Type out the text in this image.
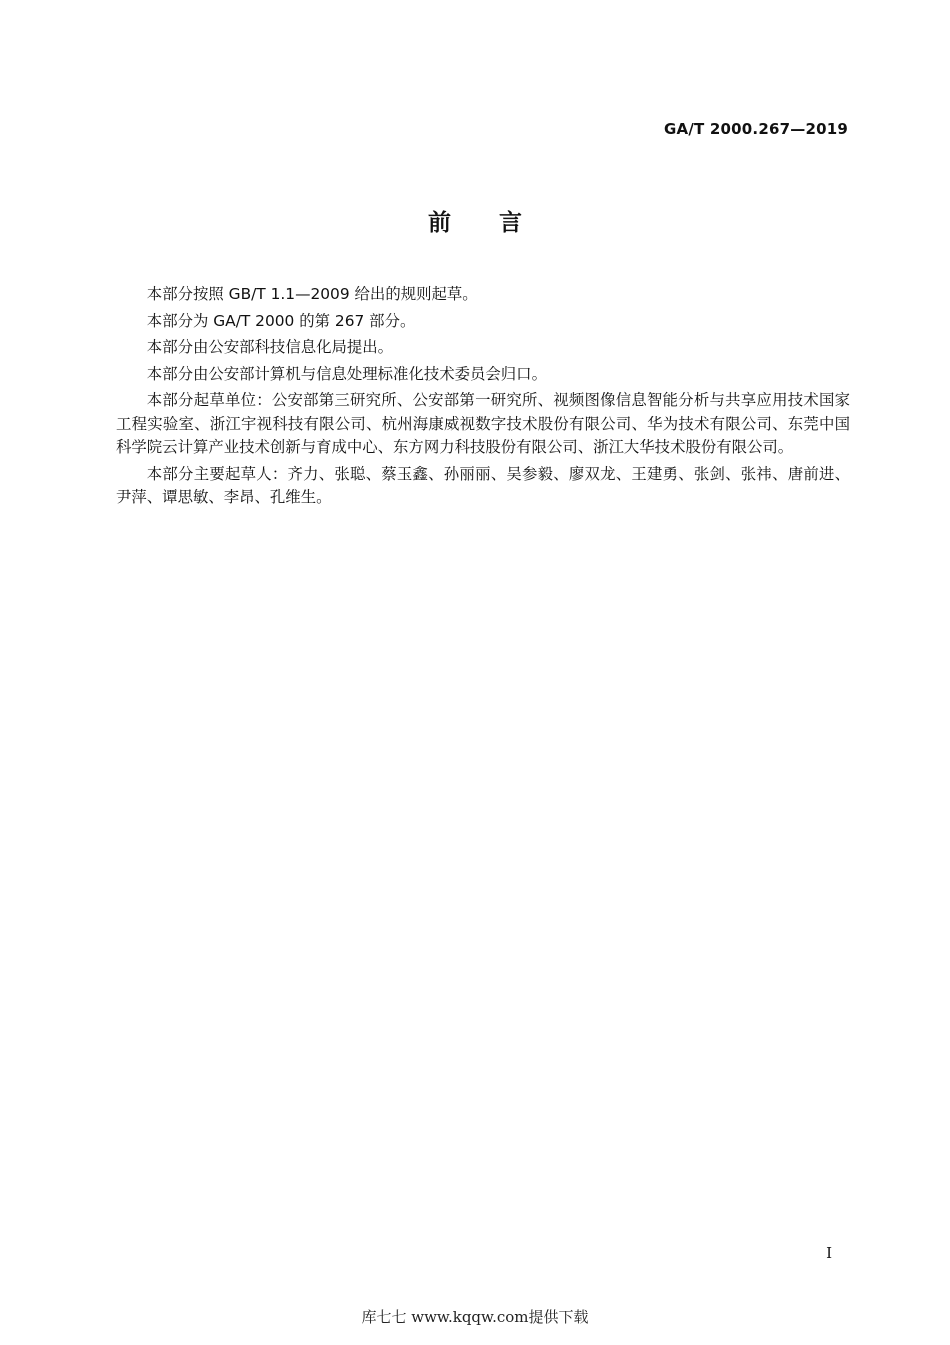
GA/T 2000.267—2019
前 言

本部分按照 GB/T 1.1—2009 给出的规则起草。

本部分为 GA/T 2000 的第 267 部分。

本部分由公安部科技信息化局提出。

本部分由公安部计算机与信息处理标准化技术委员会归口。

本部分起草单位：公安部第三研究所、公安部第一研究所、视频图像信息智能分析与共享应用技术国家工程实验室、浙江宇视科技有限公司、杭州海康威视数字技术股份有限公司、华为技术有限公司、东莞中国科学院云计算产业技术创新与育成中心、东方网力科技股份有限公司、浙江大华技术股份有限公司。

本部分主要起草人：齐力、张聪、蔡玉鑫、孙丽丽、吴参毅、廖双龙、王建勇、张剑、张祎、唐前进、尹萍、谭思敏、李昂、孔维生。

I
库七七 www.kqqw.com提供下载
